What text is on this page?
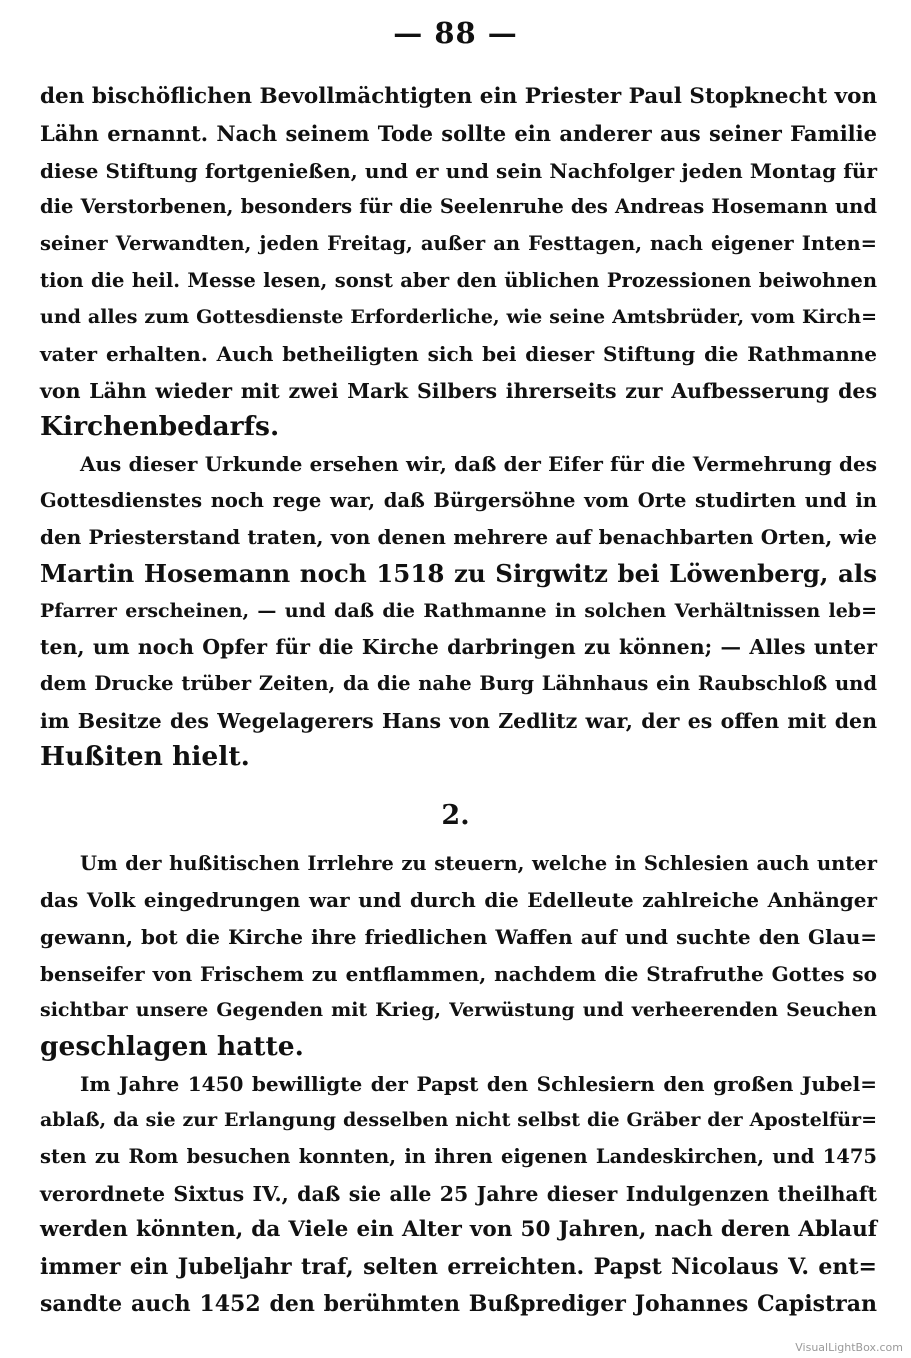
— 88 —
den bischöflichen Bevollmächtigten ein Priester Paul Stopknecht von
Lähn ernannt. Nach seinem Tode sollte ein anderer aus seiner Familie
diese Stiftung fortgenießen, und er und sein Nachfolger jeden Montag für
die Verstorbenen, besonders für die Seelenruhe des Andreas Hosemann und
seiner Verwandten, jeden Freitag, außer an Festtagen, nach eigener Inten=
tion die heil. Messe lesen, sonst aber den üblichen Prozessionen beiwohnen
und alles zum Gottesdienste Erforderliche, wie seine Amtsbrüder, vom Kirch=
vater erhalten. Auch betheiligten sich bei dieser Stiftung die Rathmanne
von Lähn wieder mit zwei Mark Silbers ihrerseits zur Aufbesserung des
Kirchenbedarfs.
Aus dieser Urkunde ersehen wir, daß der Eifer für die Vermehrung des
Gottesdienstes noch rege war, daß Bürgersöhne vom Orte studirten und in
den Priesterstand traten, von denen mehrere auf benachbarten Orten, wie
Martin Hosemann noch 1518 zu Sirgwitz bei Löwenberg, als
Pfarrer erscheinen, — und daß die Rathmanne in solchen Verhältnissen leb=
ten, um noch Opfer für die Kirche darbringen zu können; — Alles unter
dem Drucke trüber Zeiten, da die nahe Burg Lähnhaus ein Raubschloß und
im Besitze des Wegelagerers Hans von Zedlitz war, der es offen mit den
Hußiten hielt.
2.
Um der hußitischen Irrlehre zu steuern, welche in Schlesien auch unter
das Volk eingedrungen war und durch die Edelleute zahlreiche Anhänger
gewann, bot die Kirche ihre friedlichen Waffen auf und suchte den Glau=
benseifer von Frischem zu entflammen, nachdem die Strafruthe Gottes so
sichtbar unsere Gegenden mit Krieg, Verwüstung und verheerenden Seuchen
geschlagen hatte.
Im Jahre 1450 bewilligte der Papst den Schlesiern den großen Jubel=
ablaß, da sie zur Erlangung desselben nicht selbst die Gräber der Apostelfür=
sten zu Rom besuchen konnten, in ihren eigenen Landeskirchen, und 1475
verordnete Sixtus IV., daß sie alle 25 Jahre dieser Indulgenzen theilhaft
werden könnten, da Viele ein Alter von 50 Jahren, nach deren Ablauf
immer ein Jubeljahr traf, selten erreichten. Papst Nicolaus V. ent=
sandte auch 1452 den berühmten Bußprediger Johannes Capistran
VisualLightBox.com
